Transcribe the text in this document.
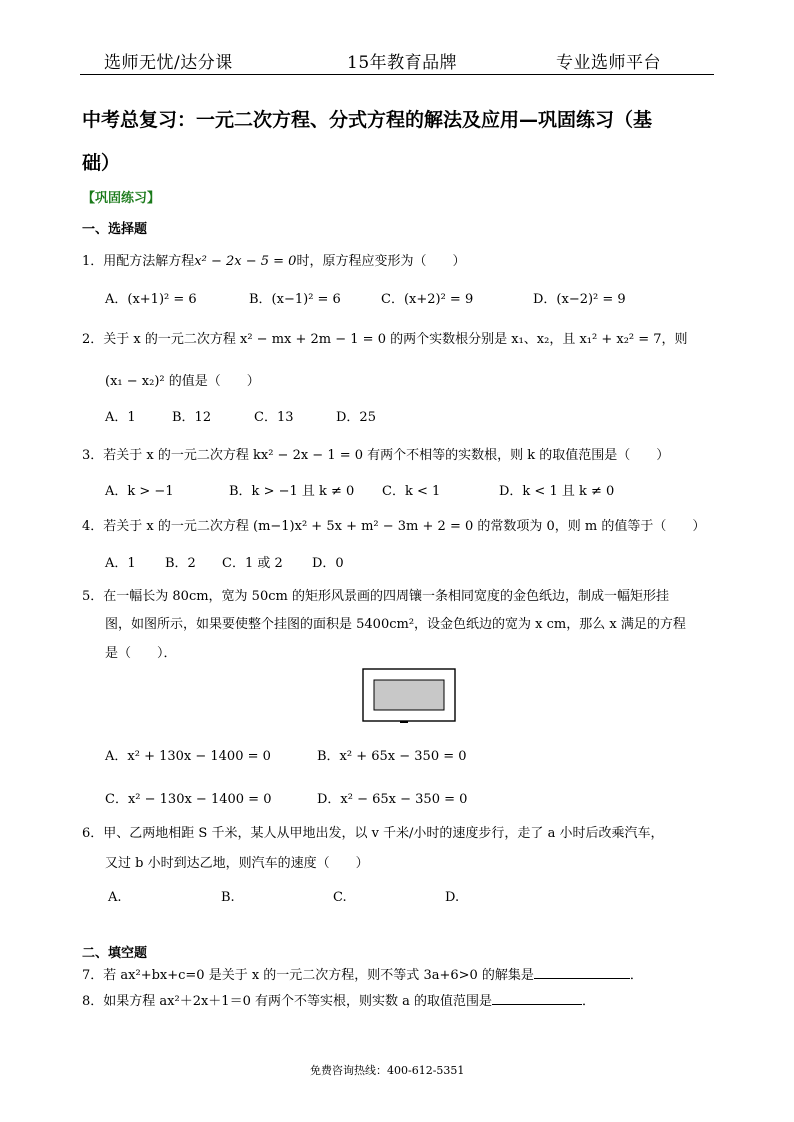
选师无忧/达分课	15年教育品牌	专业选师平台
中考总复习：一元二次方程、分式方程的解法及应用—巩固练习（基
础）
【巩固练习】
一、选择题
1．用配方法解方程x² − 2x − 5 = 0时，原方程应变形为（　　）
A．(x+1)² = 6	B．(x−1)² = 6	C．(x+2)² = 9	D．(x−2)² = 9
2．关于 x 的一元二次方程 x² − mx + 2m − 1 = 0 的两个实数根分别是 x₁、x₂，且 x₁² + x₂² = 7，则
(x₁ − x₂)² 的值是（　　）
A．1	B．12	C．13	D．25
3．若关于 x 的一元二次方程 kx² − 2x − 1 = 0 有两个不相等的实数根，则 k 的取值范围是（　　）
A．k > −1	B．k > −1 且 k ≠ 0 C．k < 1	D．k < 1 且 k ≠ 0
4．若关于 x 的一元二次方程 (m−1)x² + 5x + m² − 3m + 2 = 0 的常数项为 0，则 m 的值等于（　　）
A．1 B．2 C．1 或 2 D．0
5．在一幅长为 80cm，宽为 50cm 的矩形风景画的四周镶一条相同宽度的金色纸边，制成一幅矩形挂
图，如图所示，如果要使整个挂图的面积是 5400cm²，设金色纸边的宽为 x cm，那么 x 满足的方程
是（　　）．
A．x² + 130x − 1400 = 0	B．x² + 65x − 350 = 0
C．x² − 130x − 1400 = 0	D．x² − 65x − 350 = 0
6．甲、乙两地相距 S 千米，某人从甲地出发，以 v 千米/小时的速度步行，走了 a 小时后改乘汽车，
又过 b 小时到达乙地，则汽车的速度（　　）
A.	B.	C.	D.
二、填空题
7．若 ax²+bx+c=0 是关于 x 的一元二次方程，则不等式 3a+6>0 的解集是	．
8．如果方程 ax²＋2x＋1＝0 有两个不等实根，则实数 a 的取值范围是	．
免费咨询热线：400-612-5351
